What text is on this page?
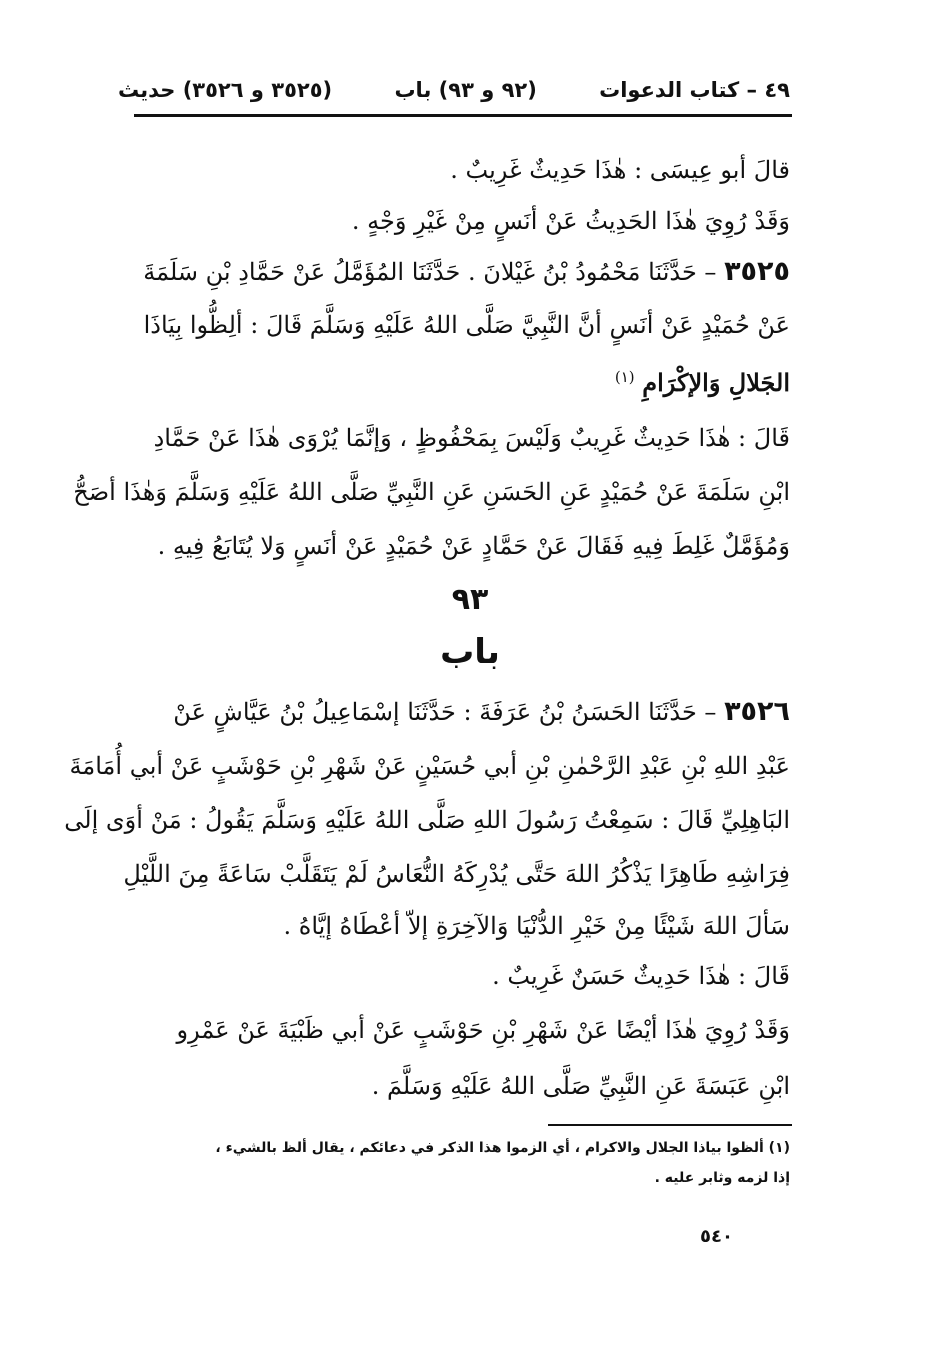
٤٩ – كتاب الدعوات
(٩٢ و ٩٣) باب
(٣٥٢٥ و ٣٥٢٦) حديث
قالَ أبو عِيسَى : هٰذَا حَدِيثٌ غَرِيبٌ .
وَقَدْ رُوِيَ هٰذَا الحَدِيثُ عَنْ أنَسٍ مِنْ غَيْرِ وَجْهٍ .
٣٥٢٥ – حَدَّثَنَا مَحْمُودُ بْنُ غَيْلانَ . حَدَّثَنَا المُؤَمَّلُ عَنْ حَمَّادِ بْنِ سَلَمَةَ
عَنْ حُمَيْدٍ عَنْ أنَسٍ أنَّ النَّبِيَّ صَلَّى اللهُ عَلَيْهِ وَسَلَّمَ قَالَ : ألِظُّوا بِيَاذَا
الجَلالِ وَالإكْرَامِ $^{(١)}$
قَالَ : هٰذَا حَدِيثٌ غَرِيبٌ وَلَيْسَ بِمَحْفُوظٍ ، وَإنَّمَا يُرْوَى هٰذَا عَنْ حَمَّادِ
ابْنِ سَلَمَةَ عَنْ حُمَيْدٍ عَنِ الحَسَنِ عَنِ النَّبِيِّ صَلَّى اللهُ عَلَيْهِ وَسَلَّمَ وَهٰذَا أصَحُّ
وَمُؤَمَّلٌ غَلِطَ فِيهِ فَقَالَ عَنْ حَمَّادٍ عَنْ حُمَيْدٍ عَنْ أنَسٍ وَلا يُتَابَعُ فِيهِ .
٩٣
باب
٣٥٢٦ – حَدَّثَنَا الحَسَنُ بْنُ عَرَفَةَ : حَدَّثَنَا إسْمَاعِيلُ بْنُ عَيَّاشٍ عَنْ
عَبْدِ اللهِ بْنِ عَبْدِ الرَّحْمٰنِ بْنِ أبي حُسَيْنٍ عَنْ شَهْرِ بْنِ حَوْشَبٍ عَنْ أبي أُمَامَةَ
البَاهِلِيِّ قَالَ : سَمِعْتُ رَسُولَ اللهِ صَلَّى اللهُ عَلَيْهِ وَسَلَّمَ يَقُولُ : مَنْ أوَى إلَى
فِرَاشِهِ طَاهِرًا يَذْكُرُ اللهَ حَتَّى يُدْرِكَهُ النُّعَاسُ لَمْ يَتَقَلَّبْ سَاعَةً مِنَ اللَّيْلِ
سَألَ اللهَ شَيْئًا مِنْ خَيْرِ الدُّنْيَا وَالآخِرَةِ إلاّ أعْطَاهُ إيَّاهُ .
قَالَ : هٰذَا حَدِيثٌ حَسَنٌ غَرِيبٌ .
وَقَدْ رُوِيَ هٰذَا أيْضًا عَنْ شَهْرِ بْنِ حَوْشَبٍ عَنْ أبي ظَبْيَةَ عَنْ عَمْرِو
ابْنِ عَبَسَةَ عَنِ النَّبِيِّ صَلَّى اللهُ عَلَيْهِ وَسَلَّمَ .
(١) ألظوا بياذا الجلال والاكرام ، أي الزموا هذا الذكر في دعائكم ، يقال ألظ بالشيء ،
إذا لزمه وثابر عليه .
٥٤٠
